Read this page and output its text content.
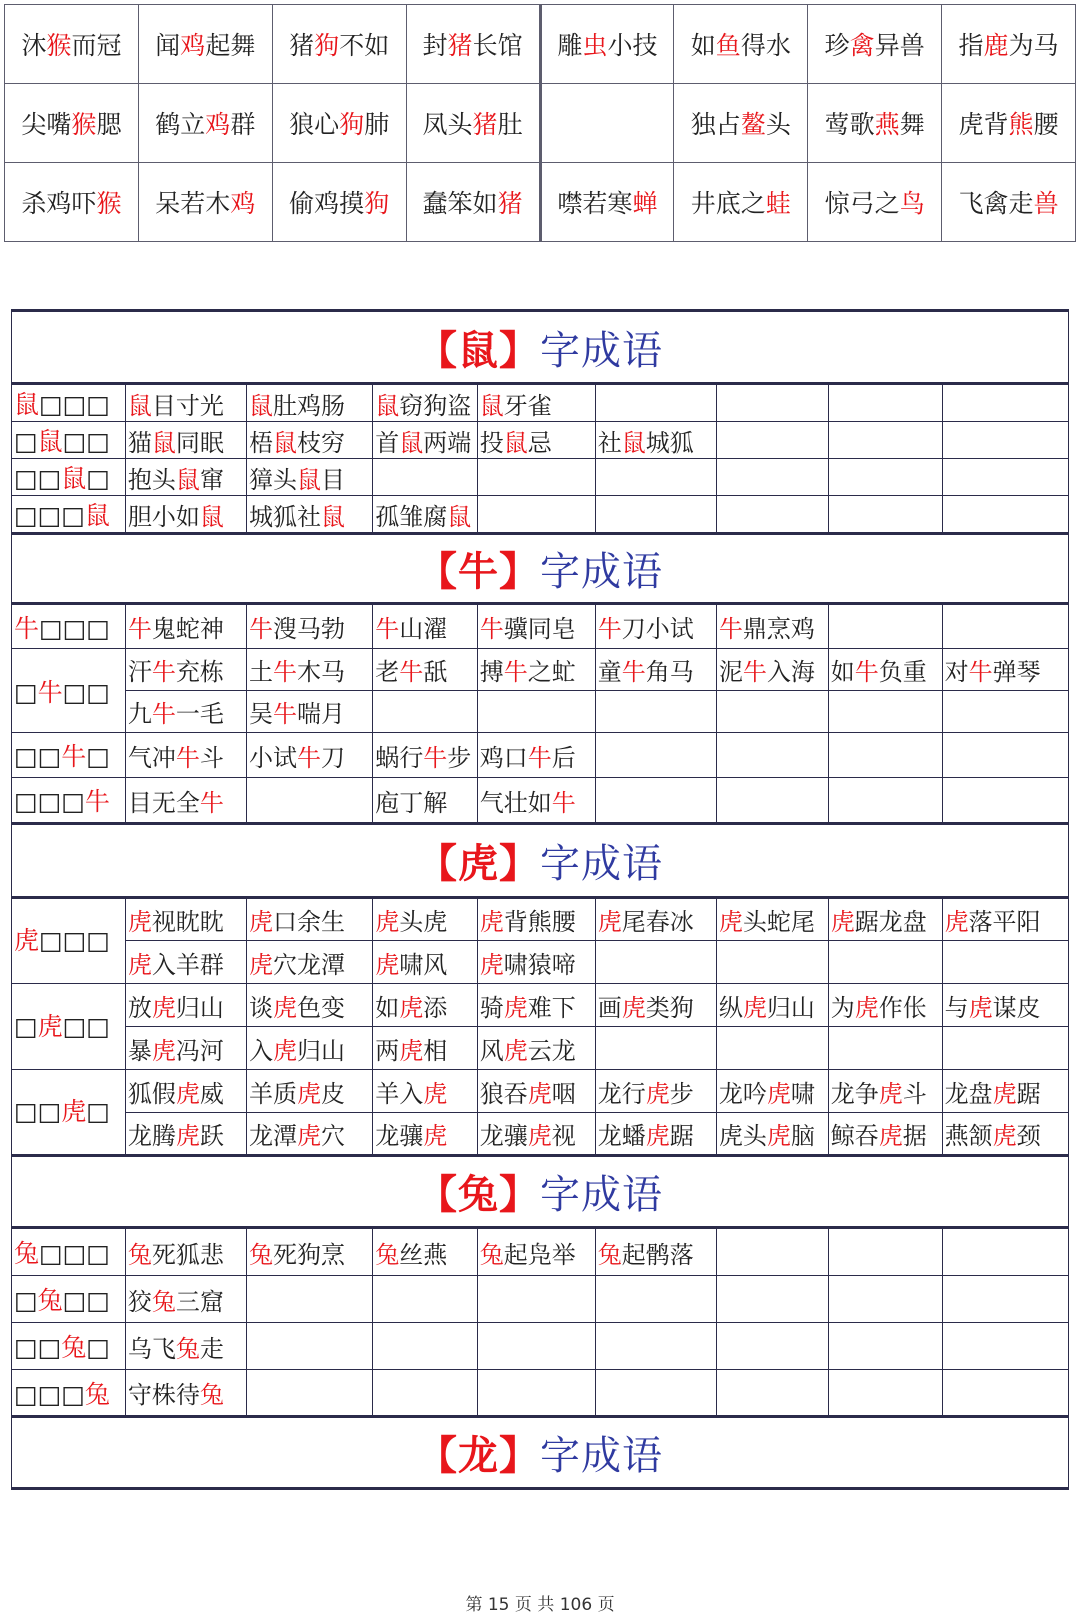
沐猴而冠	闻鸡起舞	猪狗不如	封猪长馆	雕虫小技	如鱼得水	珍禽异兽	指鹿为马
尖嘴猴腮	鹤立鸡群	狼心狗肺	凤头猪肚		独占鳌头	莺歌燕舞	虎背熊腰
杀鸡吓猴	呆若木鸡	偷鸡摸狗	蠢笨如猪	噤若寒蝉	井底之蛙	惊弓之鸟	飞禽走兽
【鼠】字成语								
鼠□□□	鼠目寸光	鼠肚鸡肠	鼠窃狗盗	鼠牙雀				
□鼠□□	猫鼠同眠	梧鼠枝穷	首鼠两端	投鼠忌	社鼠城狐			
□□鼠□	抱头鼠窜	獐头鼠目						
□□□鼠	胆小如鼠	城狐社鼠	孤雏腐鼠					
【牛】字成语								
牛□□□	牛鬼蛇神	牛溲马勃	牛山濯	牛骥同皂	牛刀小试	牛鼎烹鸡		
□牛□□	汗牛充栋	土牛木马	老牛舐	搏牛之虻	童牛角马	泥牛入海	如牛负重	对牛弹琴
	九牛一毛	吴牛喘月						
□□牛□	气冲牛斗	小试牛刀	蜗行牛步	鸡口牛后				
□□□牛	目无全牛		庖丁解	气壮如牛				
【虎】字成语								
虎□□□	虎视眈眈	虎口余生	虎头虎	虎背熊腰	虎尾春冰	虎头蛇尾	虎踞龙盘	虎落平阳
	虎入羊群	虎穴龙潭	虎啸风	虎啸猿啼				
□虎□□	放虎归山	谈虎色变	如虎添	骑虎难下	画虎类狗	纵虎归山	为虎作伥	与虎谋皮
	暴虎冯河	入虎归山	两虎相	风虎云龙				
□□虎□	狐假虎威	羊质虎皮	羊入虎	狼吞虎咽	龙行虎步	龙吟虎啸	龙争虎斗	龙盘虎踞
	龙腾虎跃	龙潭虎穴	龙骧虎	龙骧虎视	龙蟠虎踞	虎头虎脑	鲸吞虎据	燕颔虎颈
【兔】字成语								
兔□□□	兔死狐悲	兔死狗烹	兔丝燕	兔起凫举	兔起鹘落			
□兔□□	狡兔三窟							
□□兔□	乌飞兔走							
□□□兔	守株待兔							
【龙】字成语								
第 15 页 共 106 页
